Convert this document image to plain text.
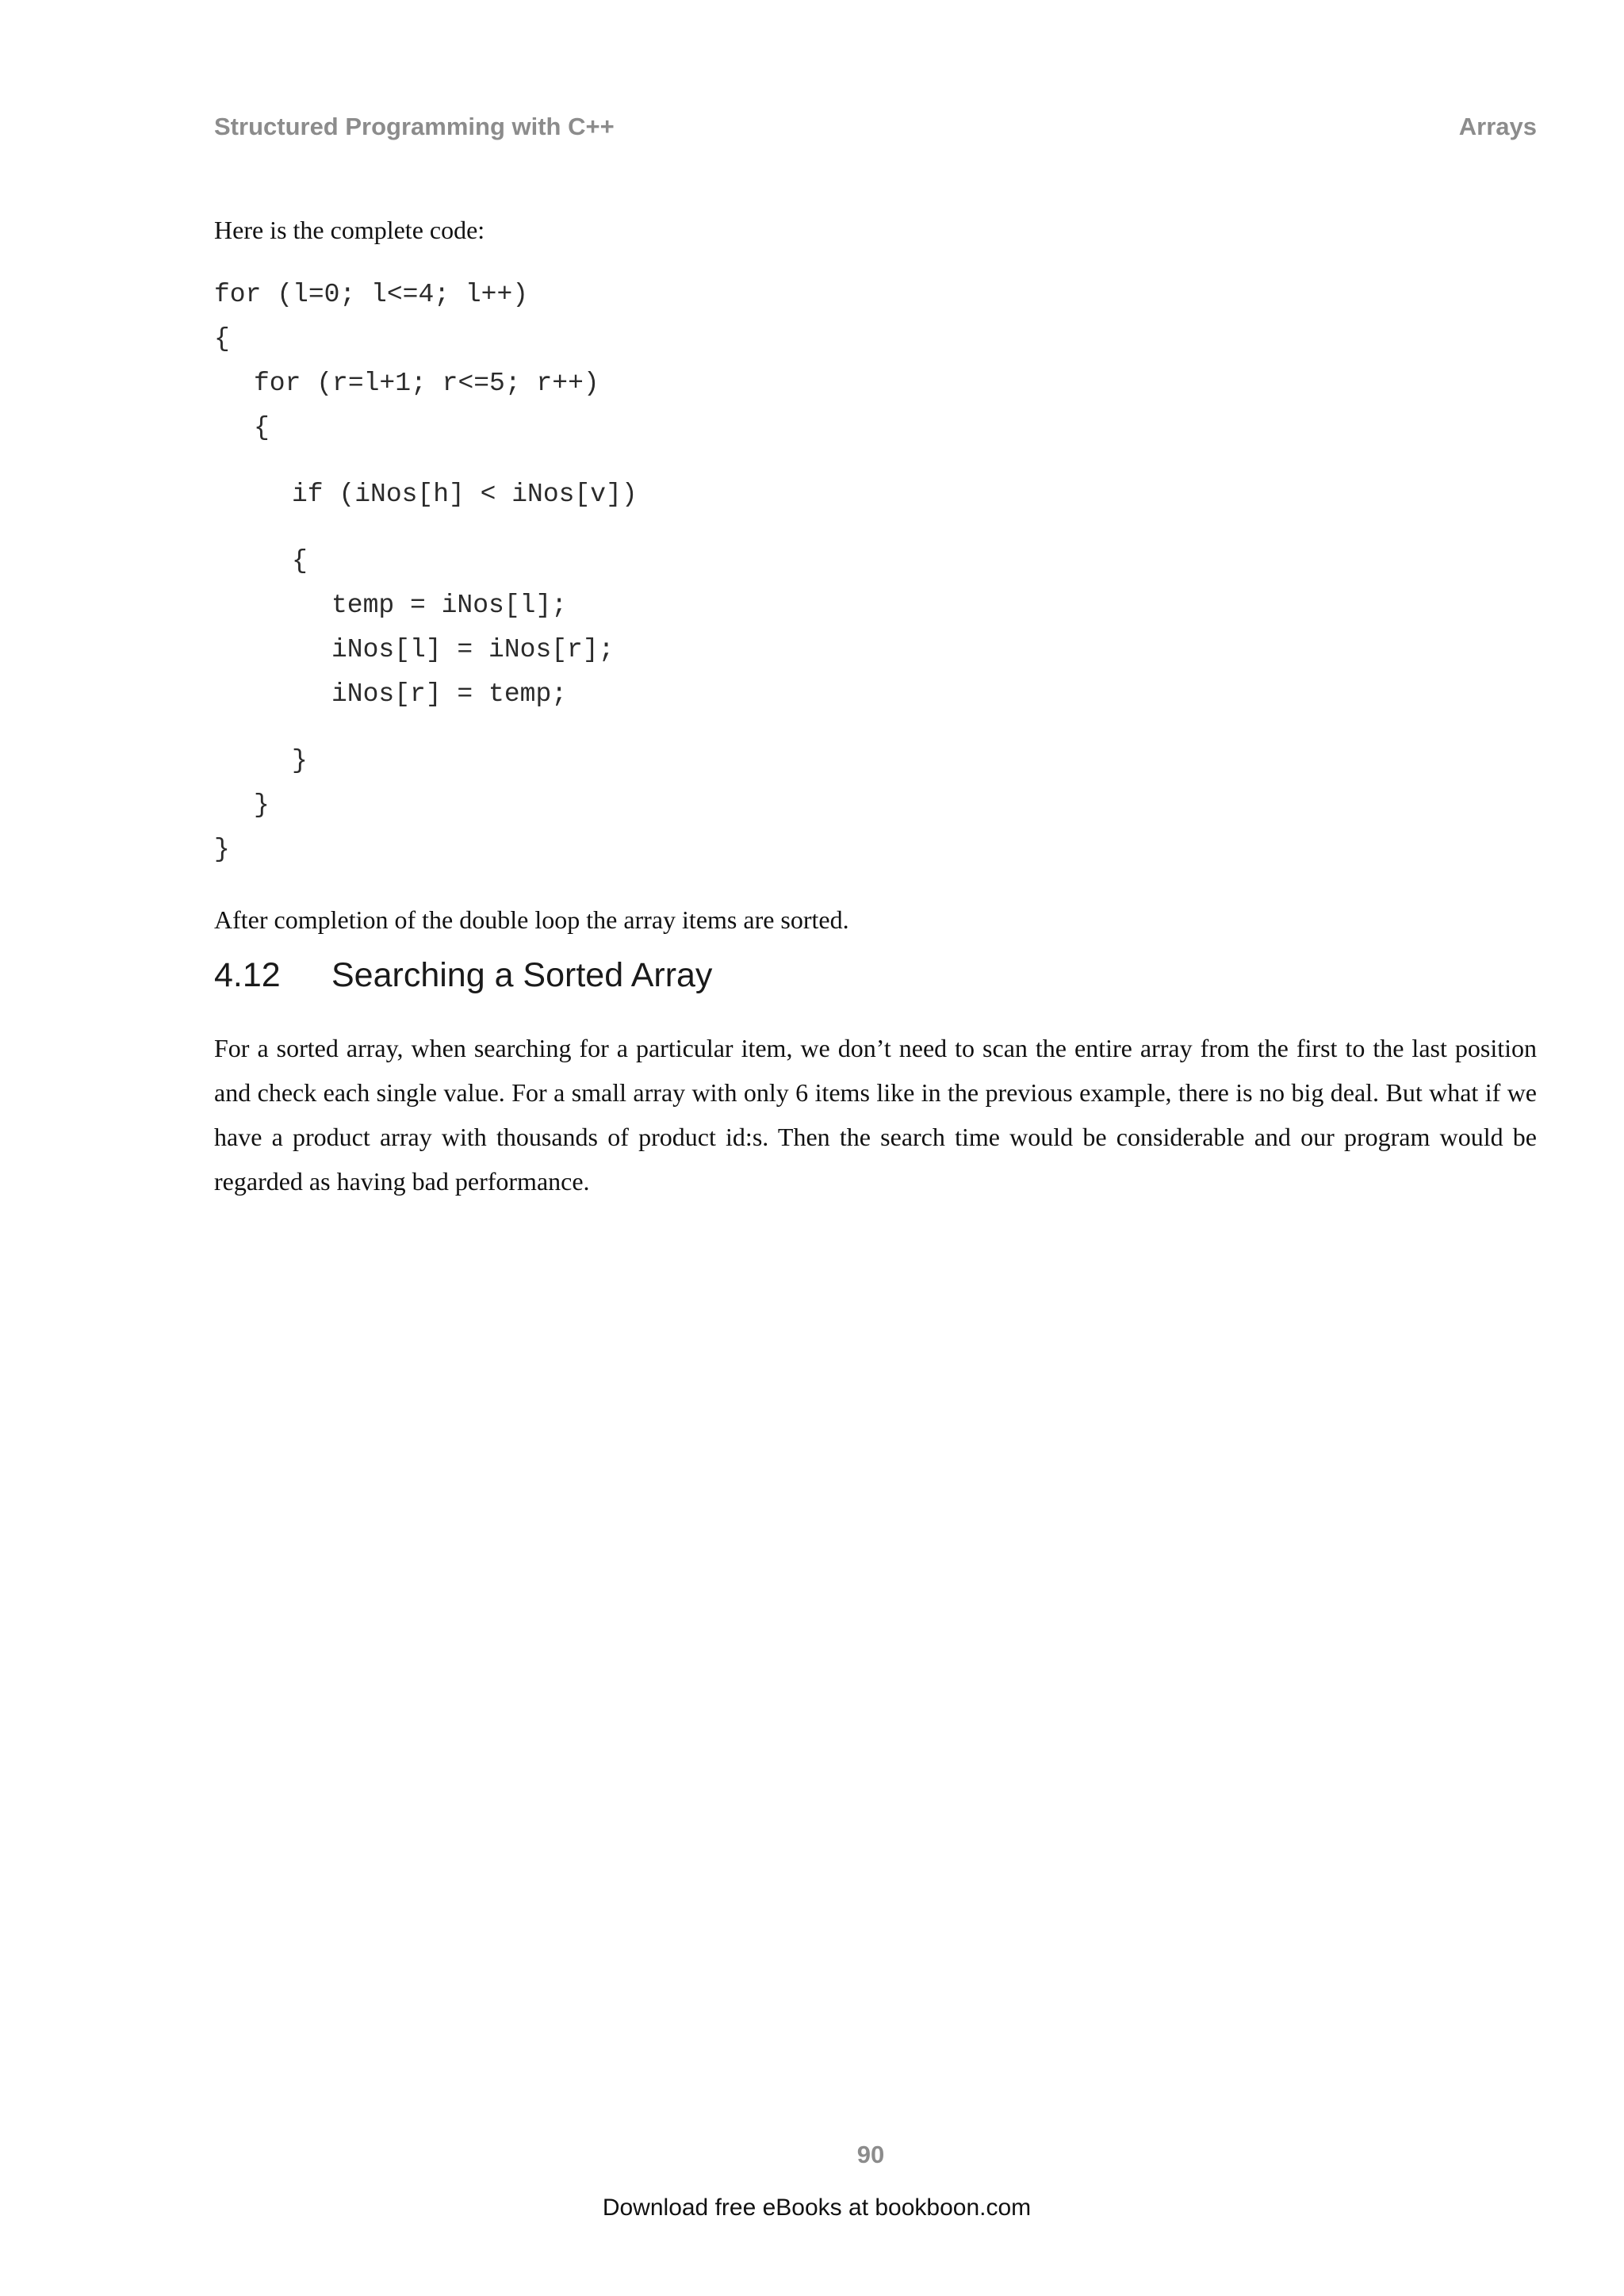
Structured Programming with C++	Arrays

Here is the complete code:

for (l=0; l<=4; l++)
{
for (r=l+1; r<=5; r++)
{
if (iNos[h] < iNos[v])
{
temp = iNos[l];
iNos[l] = iNos[r];
iNos[r] = temp;
}
}
}

After completion of the double loop the array items are sorted.

4.12 Searching a Sorted Array

For a sorted array, when searching for a particular item, we don’t need to scan the entire array from the first to the last position and check each single value. For a small array with only 6 items like in the previous example, there is no big deal. But what if we have a product array with thousands of product id:s. Then the search time would be considerable and our program would be regarded as having bad performance.

90
Download free eBooks at bookboon.com
